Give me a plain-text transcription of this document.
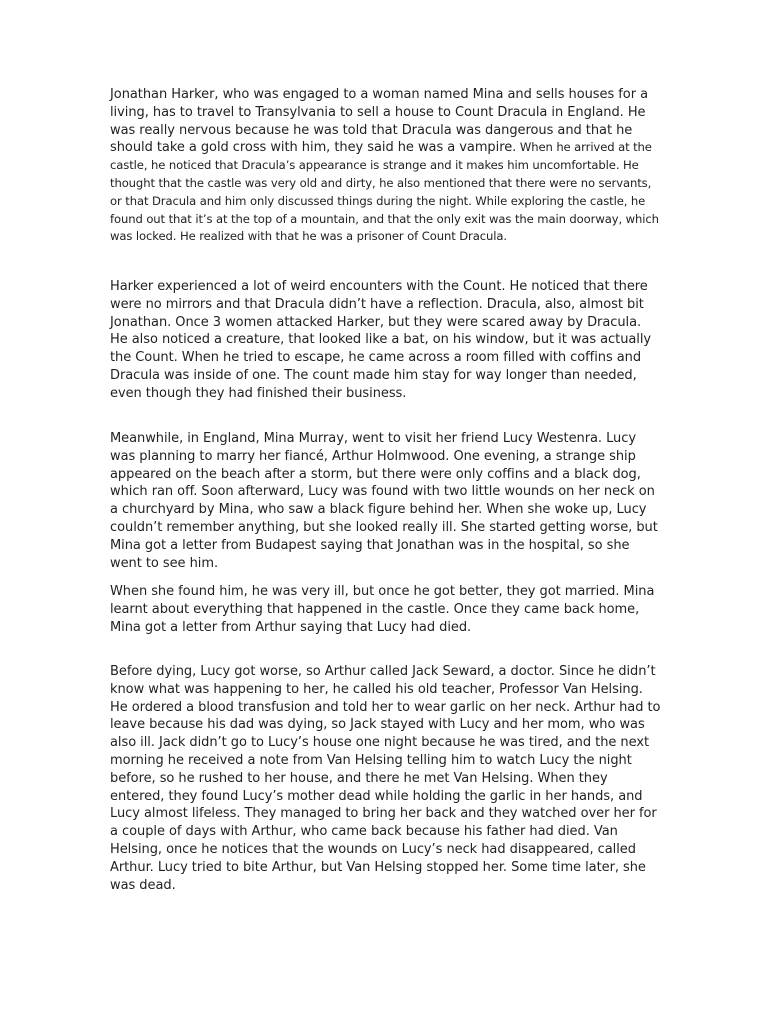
Jonathan Harker, who was engaged to a woman named Mina and sells houses for a living, has to travel to Transylvania to sell a house to Count Dracula in England. He was really nervous because he was told that Dracula was dangerous and that he should take a gold cross with him, they said he was a vampire. When he arrived at the castle, he noticed that Dracula’s appearance is strange and it makes him uncomfortable. He thought that the castle was very old and dirty, he also mentioned that there were no servants, or that Dracula and him only discussed things during the night. While exploring the castle, he found out that it’s at the top of a mountain, and that the only exit was the main doorway, which was locked. He realized with that he was a prisoner of Count Dracula.

Harker experienced a lot of weird encounters with the Count. He noticed that there were no mirrors and that Dracula didn’t have a reflection. Dracula, also, almost bit Jonathan. Once 3 women attacked Harker, but they were scared away by Dracula. He also noticed a creature, that looked like a bat, on his window, but it was actually the Count. When he tried to escape, he came across a room filled with coffins and Dracula was inside of one. The count made him stay for way longer than needed, even though they had finished their business.

Meanwhile, in England, Mina Murray, went to visit her friend Lucy Westenra. Lucy was planning to marry her fiancé, Arthur Holmwood. One evening, a strange ship appeared on the beach after a storm, but there were only coffins and a black dog, which ran off. Soon afterward, Lucy was found with two little wounds on her neck on a churchyard by Mina, who saw a black figure behind her. When she woke up, Lucy couldn’t remember anything, but she looked really ill. She started getting worse, but Mina got a letter from Budapest saying that Jonathan was in the hospital, so she went to see him.

When she found him, he was very ill, but once he got better, they got married. Mina learnt about everything that happened in the castle. Once they came back home, Mina got a letter from Arthur saying that Lucy had died.

Before dying, Lucy got worse, so Arthur called Jack Seward, a doctor. Since he didn’t know what was happening to her, he called his old teacher, Professor Van Helsing. He ordered a blood transfusion and told her to wear garlic on her neck. Arthur had to leave because his dad was dying, so Jack stayed with Lucy and her mom, who was also ill. Jack didn’t go to Lucy’s house one night because he was tired, and the next morning he received a note from Van Helsing telling him to watch Lucy the night before, so he rushed to her house, and there he met Van Helsing. When they entered, they found Lucy’s mother dead while holding the garlic in her hands, and Lucy almost lifeless. They managed to bring her back and they watched over her for a couple of days with Arthur, who came back because his father had died. Van Helsing, once he notices that the wounds on Lucy’s neck had disappeared, called Arthur. Lucy tried to bite Arthur, but Van Helsing stopped her. Some time later, she was dead.
